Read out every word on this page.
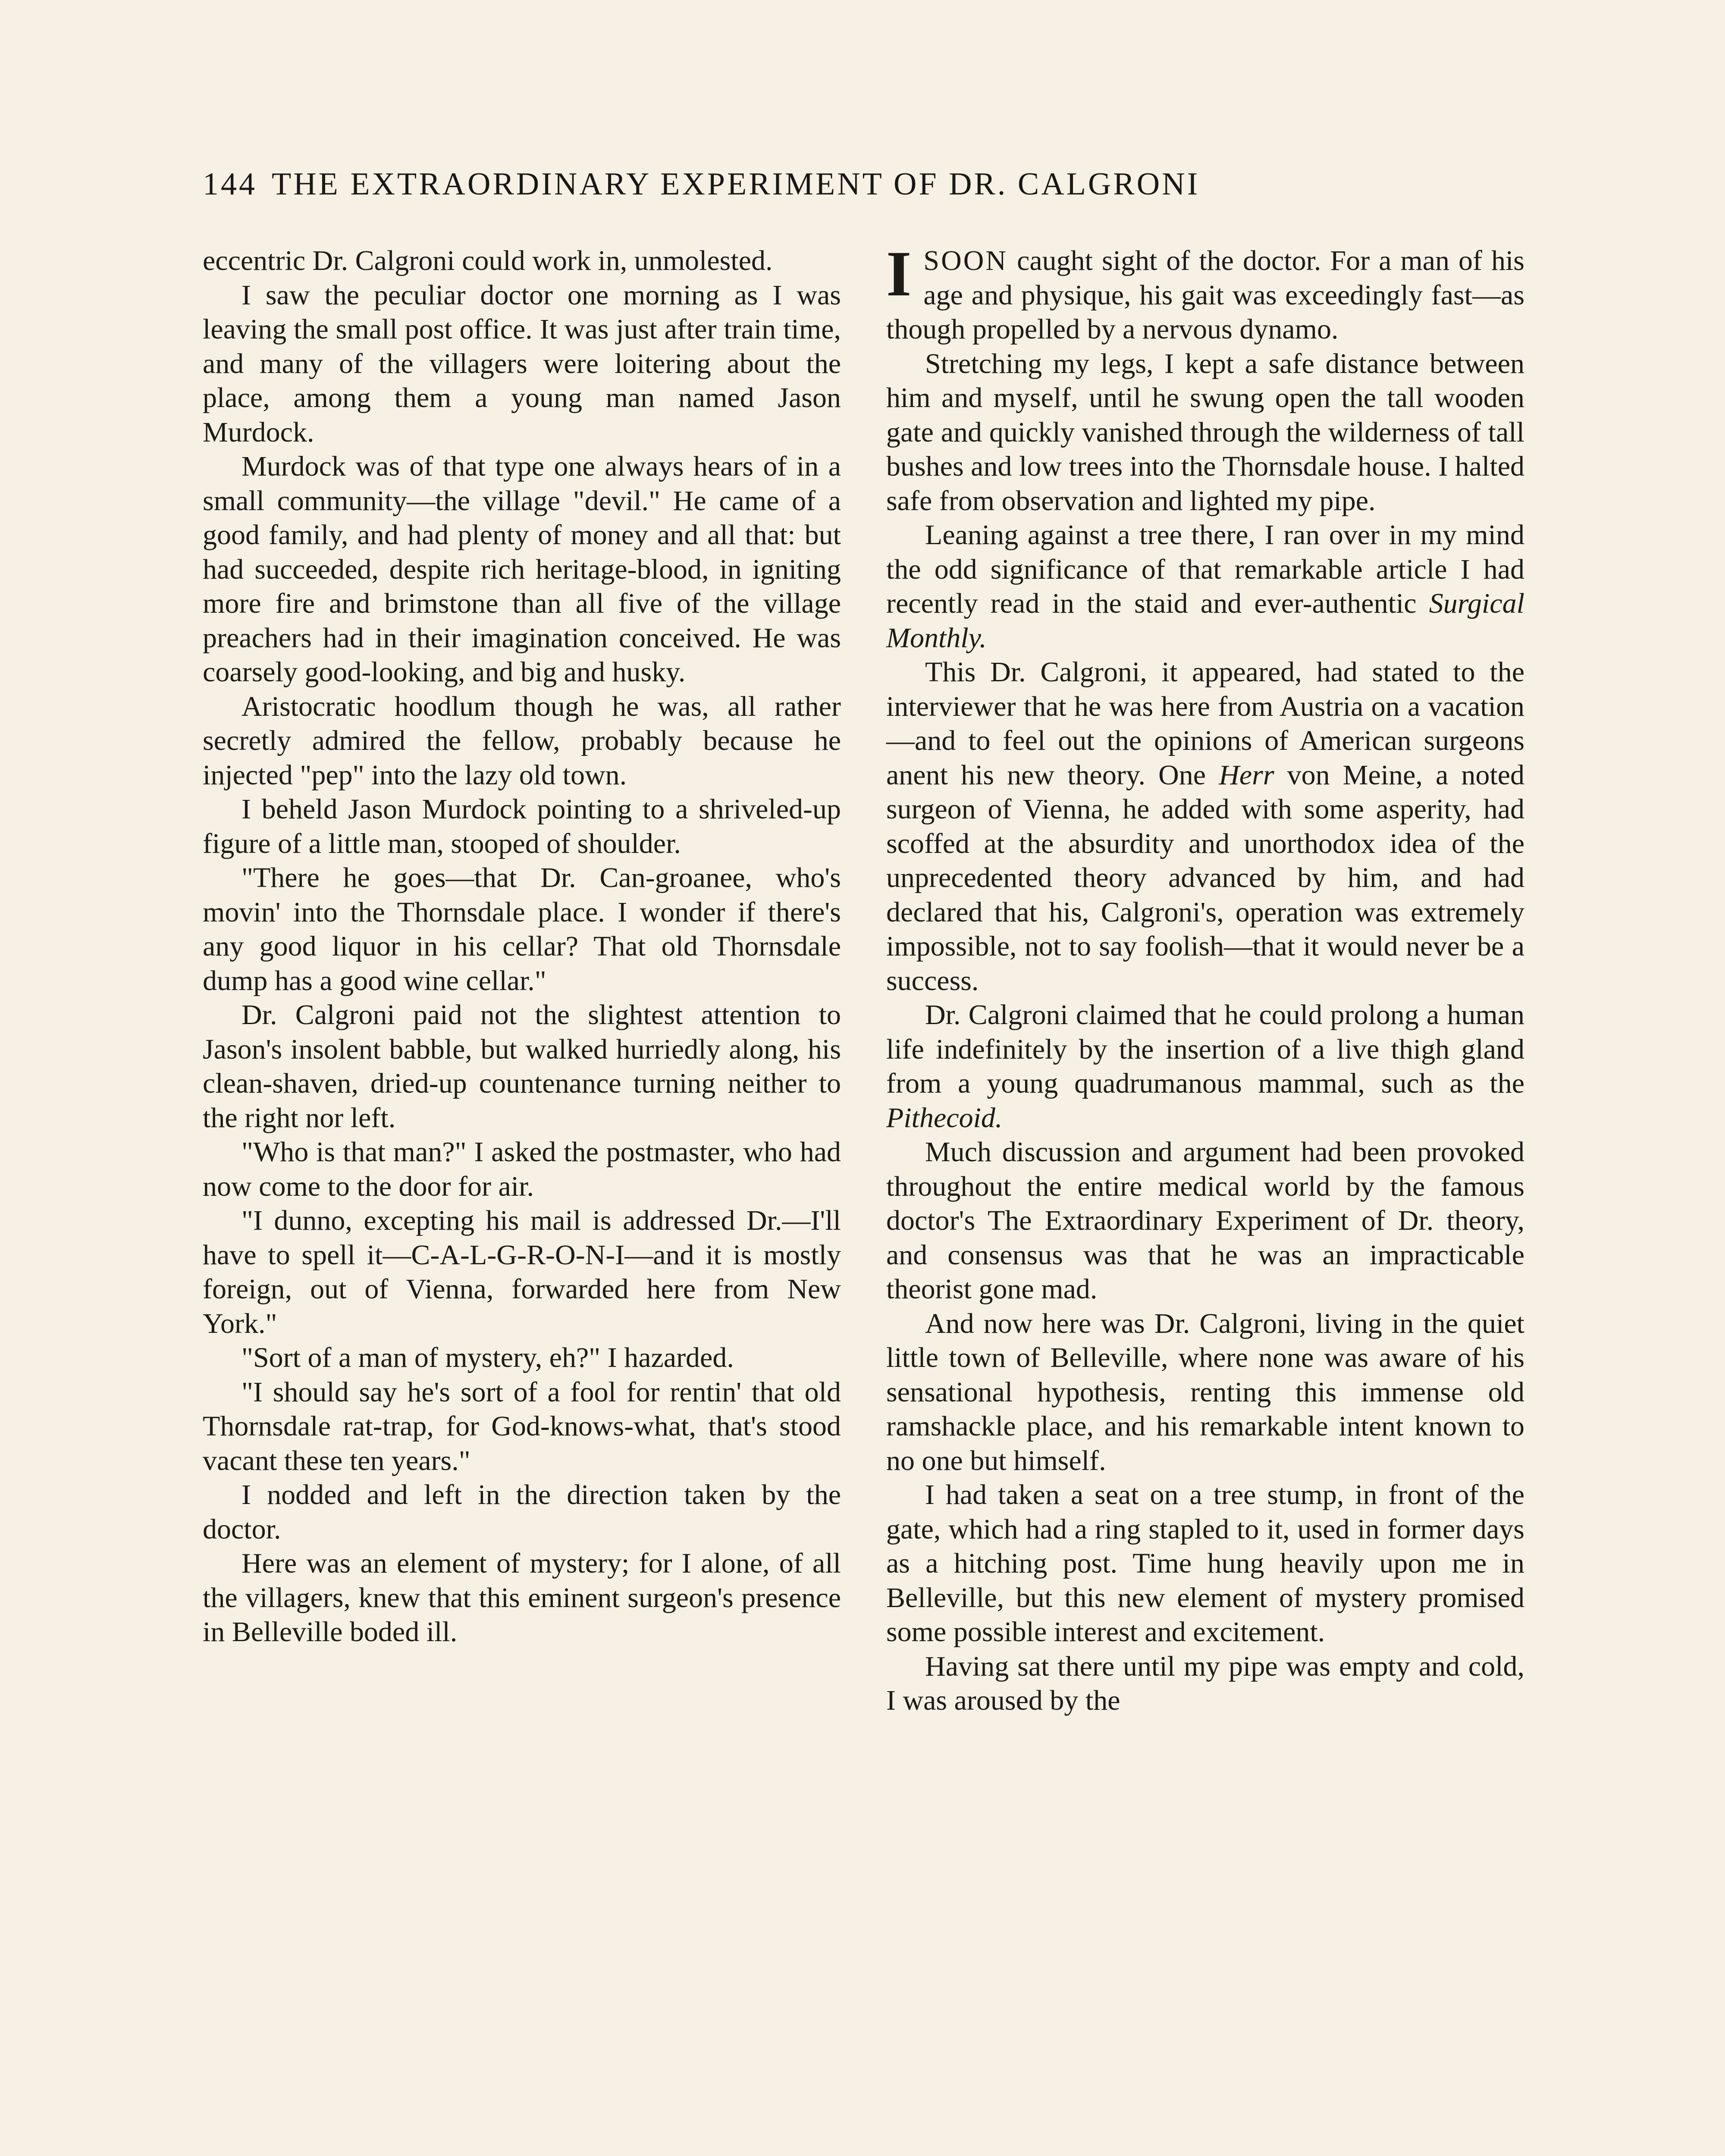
144 THE EXTRAORDINARY EXPERIMENT OF DR. CALGRONI

eccentric Dr. Calgroni could work in, unmolested.

I saw the peculiar doctor one morning as I was leaving the small post office. It was just after train time, and many of the villagers were loitering about the place, among them a young man named Jason Murdock.

Murdock was of that type one always hears of in a small community—the village "devil." He came of a good family, and had plenty of money and all that: but had succeeded, despite rich heritage-blood, in igniting more fire and brimstone than all five of the village preachers had in their imagination conceived. He was coarsely good-looking, and big and husky.

Aristocratic hoodlum though he was, all rather secretly admired the fellow, probably because he injected "pep" into the lazy old town.

I beheld Jason Murdock pointing to a shriveled-up figure of a little man, stooped of shoulder.

"There he goes—that Dr. Can-groanee, who's movin' into the Thornsdale place. I wonder if there's any good liquor in his cellar? That old Thornsdale dump has a good wine cellar."

Dr. Calgroni paid not the slightest attention to Jason's insolent babble, but walked hurriedly along, his clean-shaven, dried-up countenance turning neither to the right nor left.

"Who is that man?" I asked the postmaster, who had now come to the door for air.

"I dunno, excepting his mail is addressed Dr.—I'll have to spell it—C-A-L-G-R-O-N-I—and it is mostly foreign, out of Vienna, forwarded here from New York."

"Sort of a man of mystery, eh?" I hazarded.

"I should say he's sort of a fool for rentin' that old Thornsdale rat-trap, for God-knows-what, that's stood vacant these ten years."

I nodded and left in the direction taken by the doctor.

Here was an element of mystery; for I alone, of all the villagers, knew that this eminent surgeon's presence in Belleville boded ill.

ISOON caught sight of the doctor. For a man of his age and physique, his gait was exceedingly fast—as though propelled by a nervous dynamo.

Stretching my legs, I kept a safe distance between him and myself, until he swung open the tall wooden gate and quickly vanished through the wilderness of tall bushes and low trees into the Thornsdale house. I halted safe from observation and lighted my pipe.

Leaning against a tree there, I ran over in my mind the odd significance of that remarkable article I had recently read in the staid and ever-authentic Surgical Monthly.

This Dr. Calgroni, it appeared, had stated to the interviewer that he was here from Austria on a vacation—and to feel out the opinions of American surgeons anent his new theory. One Herr von Meine, a noted surgeon of Vienna, he added with some asperity, had scoffed at the absurdity and unorthodox idea of the unprecedented theory advanced by him, and had declared that his, Calgroni's, operation was extremely impossible, not to say foolish—that it would never be a success.

Dr. Calgroni claimed that he could prolong a human life indefinitely by the insertion of a live thigh gland from a young quadrumanous mammal, such as the Pithecoid.

Much discussion and argument had been provoked throughout the entire medical world by the famous doctor's The Extraordinary Experiment of Dr. theory, and consensus was that he was an impracticable theorist gone mad.

And now here was Dr. Calgroni, living in the quiet little town of Belleville, where none was aware of his sensational hypothesis, renting this immense old ramshackle place, and his remarkable intent known to no one but himself.

I had taken a seat on a tree stump, in front of the gate, which had a ring stapled to it, used in former days as a hitching post. Time hung heavily upon me in Belleville, but this new element of mystery promised some possible interest and excitement.

Having sat there until my pipe was empty and cold, I was aroused by the
